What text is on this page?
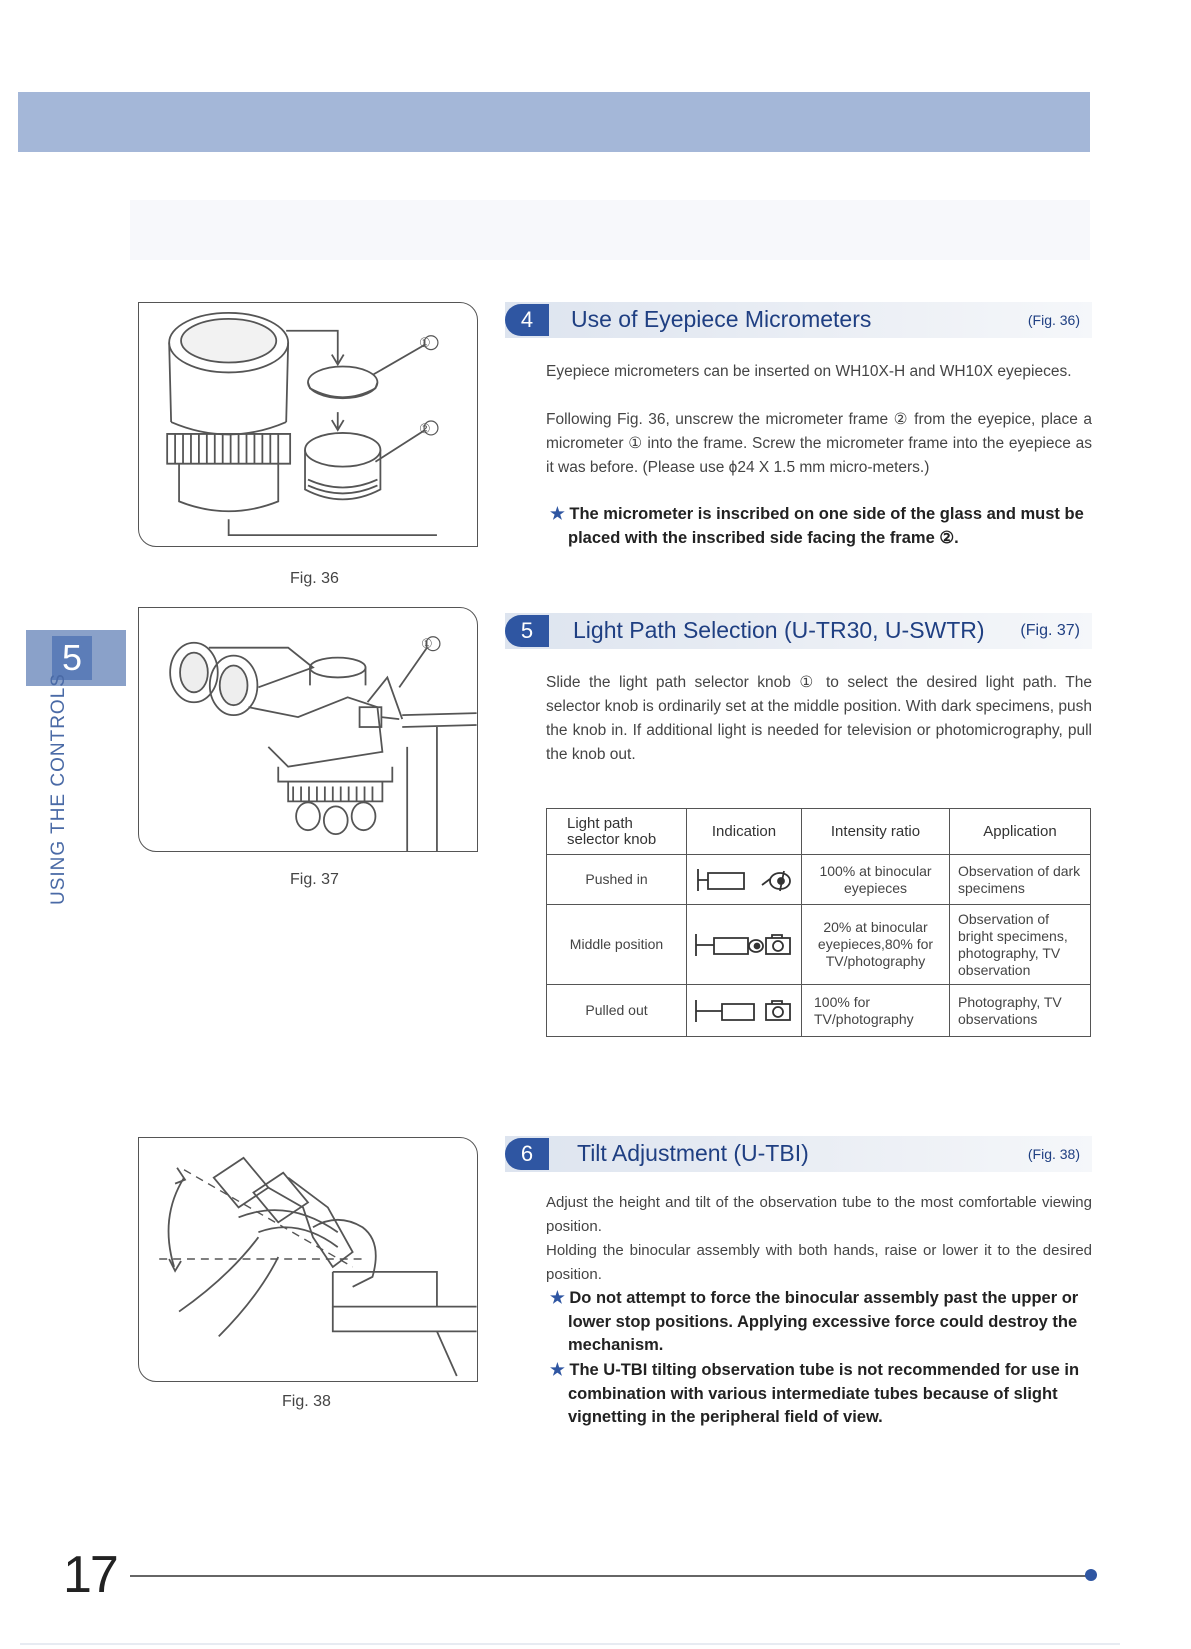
5
USING THE CONTROLS
Fig. 36
Fig. 37
Fig. 38
4	Use of Eyepiece Micrometers	(Fig. 36)
Eyepiece micrometers can be inserted on WH10X-H and WH10X eyepieces.
Following Fig. 36, unscrew the micrometer frame ② from the eyepice, place a micrometer ① into the frame. Screw the micrometer frame into the eyepiece as it was before. (Please use ϕ24 X 1.5 mm micro-meters.)
★ The micrometer is inscribed on one side of the glass and must be placed with the inscribed side facing the frame ②.
5	Light Path Selection (U-TR30, U-SWTR) (Fig. 37)
Slide the light path selector knob ① to select the desired light path. The selector knob is ordinarily set at the middle position. With dark specimens, push the knob in. If additional light is needed for television or photomicrography, pull the knob out.
Light path selector knob	Indication	Intensity ratio	Application
Pushed in		100% at binocular eyepieces	Observation of dark specimens
Middle position		20% at binocular eyepieces,80% for TV/photography	Observation of bright specimens, photography, TV observation
Pulled out		100% for TV/photography	Photography, TV observations
6	Tilt Adjustment (U-TBI)	(Fig. 38)
Adjust the height and tilt of the observation tube to the most comfortable viewing position.
Holding the binocular assembly with both hands, raise or lower it to the desired position.
★ Do not attempt to force the binocular assembly past the upper or lower stop positions. Applying excessive force could destroy the mechanism.
★ The U-TBI tilting observation tube is not recommended for use in combination with various intermediate tubes because of slight vignetting in the peripheral field of view.
①
②
①
17
